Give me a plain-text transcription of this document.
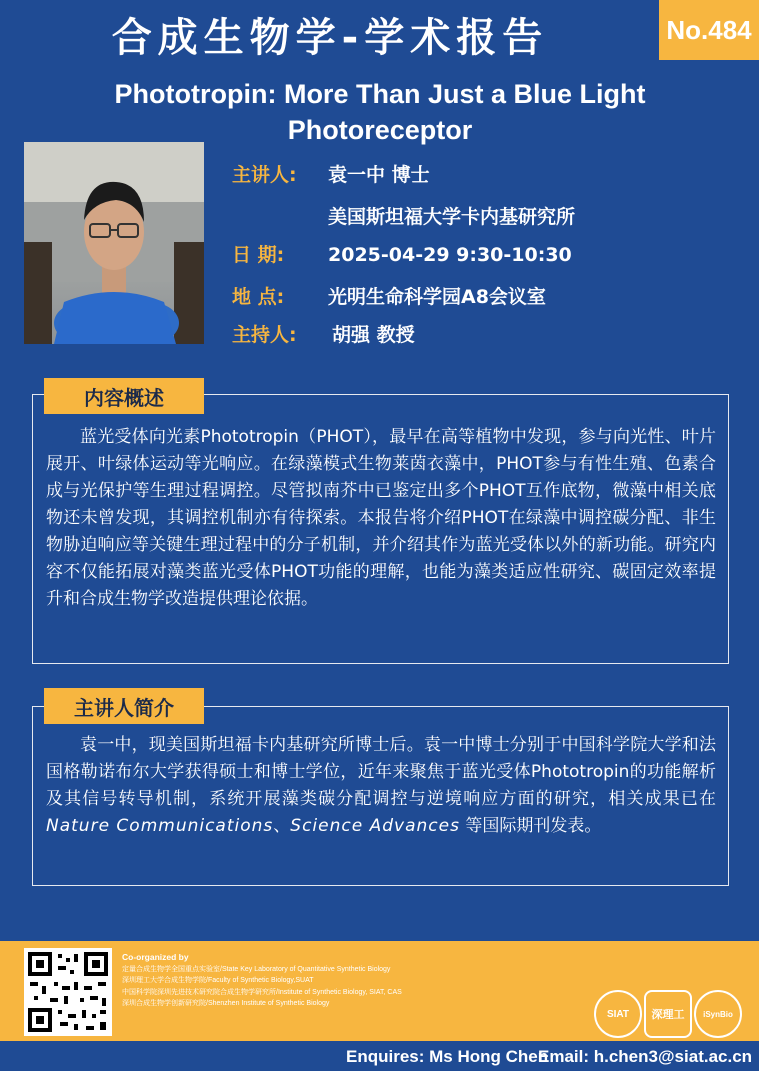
合成生物学-学术报告	No.484
Phototropin: More Than Just a Blue Light
Photoreceptor
主讲人: 袁一中 博士
美国斯坦福大学卡内基研究所
日 期: 2025-04-29 9:30-10:30
地 点: 光明生命科学园A8会议室
主持人: 胡强 教授
内容概述
蓝光受体向光素Phototropin（PHOT），最早在高等植物中发现，参与向光性、叶片展开、叶绿体运动等光响应。在绿藻模式生物莱茵衣藻中，PHOT参与有性生殖、色素合成与光保护等生理过程调控。尽管拟南芥中已鉴定出多个PHOT互作底物，微藻中相关底物还未曾发现，其调控机制亦有待探索。本报告将介绍PHOT在绿藻中调控碳分配、非生物胁迫响应等关键生理过程中的分子机制，并介绍其作为蓝光受体以外的新功能。研究内容不仅能拓展对藻类蓝光受体PHOT功能的理解，也能为藻类适应性研究、碳固定效率提升和合成生物学改造提供理论依据。
主讲人简介
袁一中，现美国斯坦福卡内基研究所博士后。袁一中博士分别于中国科学院大学和法国格勒诺布尔大学获得硕士和博士学位，近年来聚焦于蓝光受体Phototropin的功能解析及其信号转导机制，系统开展藻类碳分配调控与逆境响应方面的研究，相关成果已在Nature Communications、Science Advances 等国际期刊发表。
Co-organized by
定量合成生物学全国重点实验室/State Key Laboratory of Quantitative Synthetic Biology
深圳理工大学合成生物学院/Faculty of Synthetic Biology,SUAT
中国科学院深圳先进技术研究院合成生物学研究所/Institute of Synthetic Biology, SIAT, CAS
深圳合成生物学创新研究院/Shenzhen Institute of Synthetic Biology
SIAT 深理工 iSynBio
Enquires: Ms Hong Chen
Email: h.chen3@siat.ac.cn
